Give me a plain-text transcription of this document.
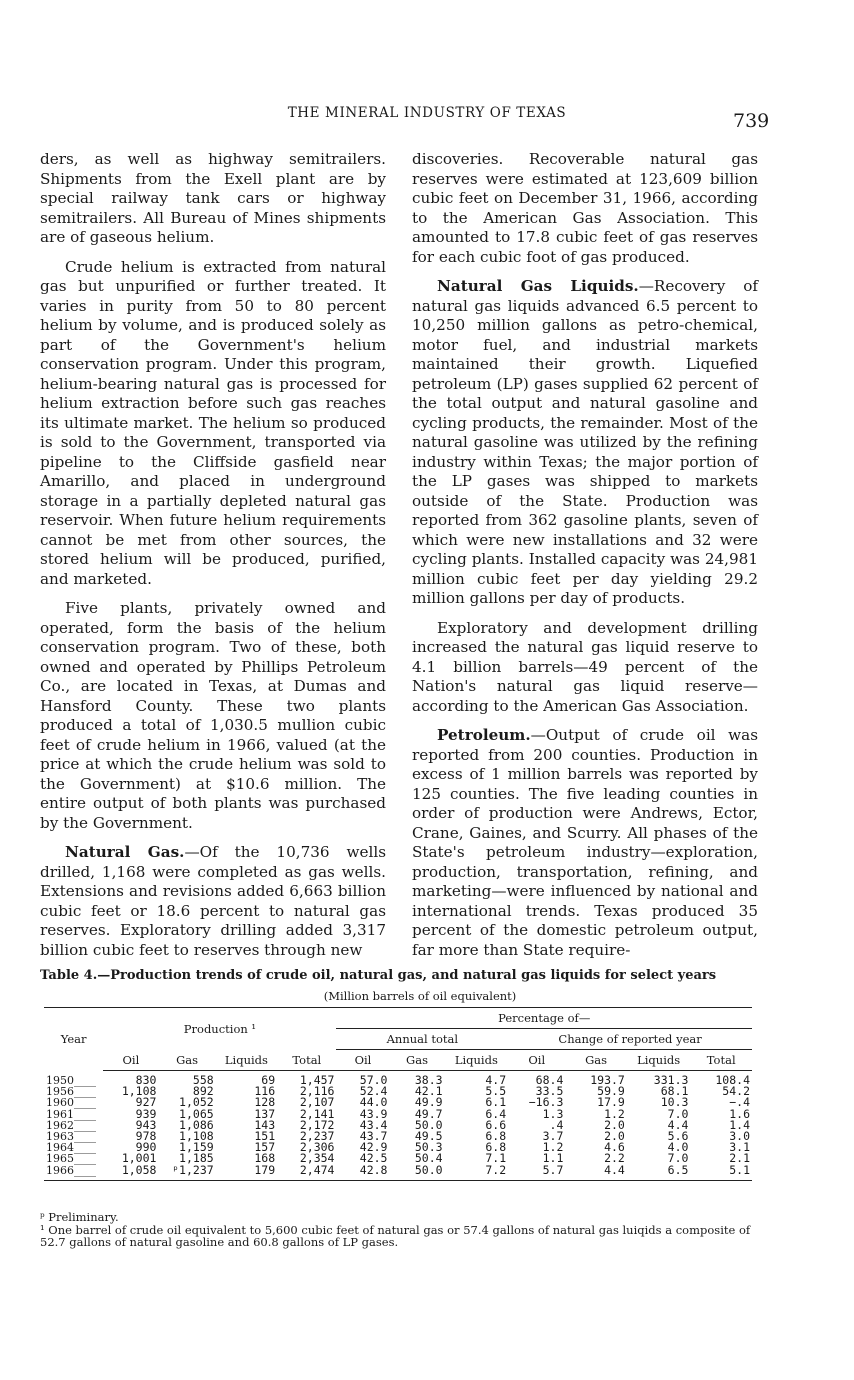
THE MINERAL INDUSTRY OF TEXAS	739

ders, as well as highway semitrailers. Shipments from the Exell plant are by special railway tank cars or highway semitrailers. All Bureau of Mines shipments are of gaseous helium.

Crude helium is extracted from natural gas but unpurified or further treated. It varies in purity from 50 to 80 percent helium by volume, and is produced solely as part of the Government's helium conservation program. Under this program, helium-bearing natural gas is processed for helium extraction before such gas reaches its ultimate market. The helium so produced is sold to the Government, transported via pipeline to the Cliffside gasfield near Amarillo, and placed in underground storage in a partially depleted natural gas reservoir. When future helium requirements cannot be met from other sources, the stored helium will be produced, purified, and marketed.

Five plants, privately owned and operated, form the basis of the helium conservation program. Two of these, both owned and operated by Phillips Petroleum Co., are located in Texas, at Dumas and Hansford County. These two plants produced a total of 1,030.5 mullion cubic feet of crude helium in 1966, valued (at the price at which the crude helium was sold to the Government) at $10.6 million. The entire output of both plants was purchased by the Government.

Natural Gas.—Of the 10,736 wells drilled, 1,168 were completed as gas wells. Extensions and revisions added 6,663 billion cubic feet or 18.6 percent to natural gas reserves. Exploratory drilling added 3,317 billion cubic feet to reserves through new

discoveries. Recoverable natural gas reserves were estimated at 123,609 billion cubic feet on December 31, 1966, according to the American Gas Association. This amounted to 17.8 cubic feet of gas reserves for each cubic foot of gas produced.

Natural Gas Liquids.—Recovery of natural gas liquids advanced 6.5 percent to 10,250 million gallons as petro-chemical, motor fuel, and industrial markets maintained their growth. Liquefied petroleum (LP) gases supplied 62 percent of the total output and natural gasoline and cycling products, the remainder. Most of the natural gasoline was utilized by the refining industry within Texas; the major portion of the LP gases was shipped to markets outside of the State. Production was reported from 362 gasoline plants, seven of which were new installations and 32 were cycling plants. Installed capacity was 24,981 million cubic feet per day yielding 29.2 million gallons per day of products.

Exploratory and development drilling increased the natural gas liquid reserve to 4.1 billion barrels—49 percent of the Nation's natural gas liquid reserve—according to the American Gas Association.

Petroleum.—Output of crude oil was reported from 200 counties. Production in excess of 1 million barrels was reported by 125 counties. The five leading counties in order of production were Andrews, Ector, Crane, Gaines, and Scurry. All phases of the State's petroleum industry—exploration, production, transportation, refining, and marketing—were influenced by national and international trends. Texas produced 35 percent of the domestic petroleum output, far more than State require-

Table 4.—Production trends of crude oil, natural gas, and natural gas liquids for select years
(Million barrels of oil equivalent)
Year	Production ¹				Percentage of—						
					Annual total			Change of reported year			
	Oil	Gas	Liquids	Total	Oil	Gas	Liquids	Oil	Gas	Liquids	Total
1950____	830	558	69	1,457	57.0	38.3	4.7	68.4	193.7	331.3	108.4
1956____	1,108	892	116	2,116	52.4	42.1	5.5	33.5	59.9	68.1	54.2
1960____	927	1,052	128	2,107	44.0	49.9	6.1	−16.3	17.9	10.3	−.4
1961____	939	1,065	137	2,141	43.9	49.7	6.4	1.3	1.2	7.0	1.6
1962____	943	1,086	143	2,172	43.4	50.0	6.6	.4	2.0	4.4	1.4
1963____	978	1,108	151	2,237	43.7	49.5	6.8	3.7	2.0	5.6	3.0
1964____	990	1,159	157	2,306	42.9	50.3	6.8	1.2	4.6	4.0	3.1
1965____	1,001	1,185	168	2,354	42.5	50.4	7.1	1.1	2.2	7.0	2.1
1966____	1,058	ᵖ1,237	179	2,474	42.8	50.0	7.2	5.7	4.4	6.5	5.1

ᵖ Preliminary.

¹ One barrel of crude oil equivalent to 5,600 cubic feet of natural gas or 57.4 gallons of natural gas luiqids a composite of 52.7 gallons of natural gasoline and 60.8 gallons of LP gases.
